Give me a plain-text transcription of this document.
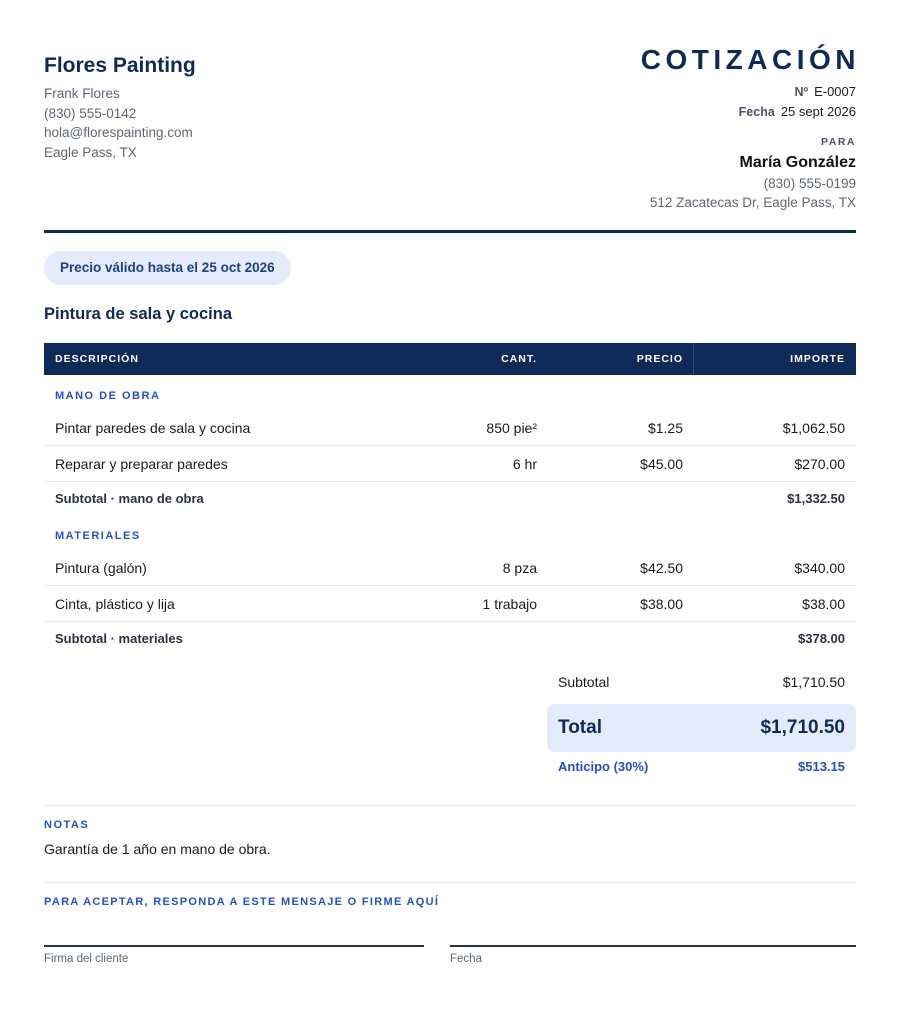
Flores Painting
Frank Flores
(830) 555-0142
hola@florespainting.com
Eagle Pass, TX
COTIZACIÓN
Nº E-0007
Fecha 25 sept 2026
PARA
María González
(830) 555-0199
512 Zacatecas Dr, Eagle Pass, TX
Precio válido hasta el 25 oct 2026
Pintura de sala y cocina
DESCRIPCIÓN	CANT.	PRECIO	IMPORTE
MANO DE OBRA
Pintar paredes de sala y cocina	850 pie²	$1.25	$1,062.50
Reparar y preparar paredes	6 hr	$45.00	$270.00
Subtotal · mano de obra	$1,332.50
MATERIALES
Pintura (galón)	8 pza	$42.50	$340.00
Cinta, plástico y lija	1 trabajo	$38.00	$38.00
Subtotal · materiales	$378.00
Subtotal	$1,710.50
Total	$1,710.50
Anticipo (30%)	$513.15
NOTAS
Garantía de 1 año en mano de obra.
PARA ACEPTAR, RESPONDA A ESTE MENSAJE O FIRME AQUÍ
Firma del cliente	Fecha
